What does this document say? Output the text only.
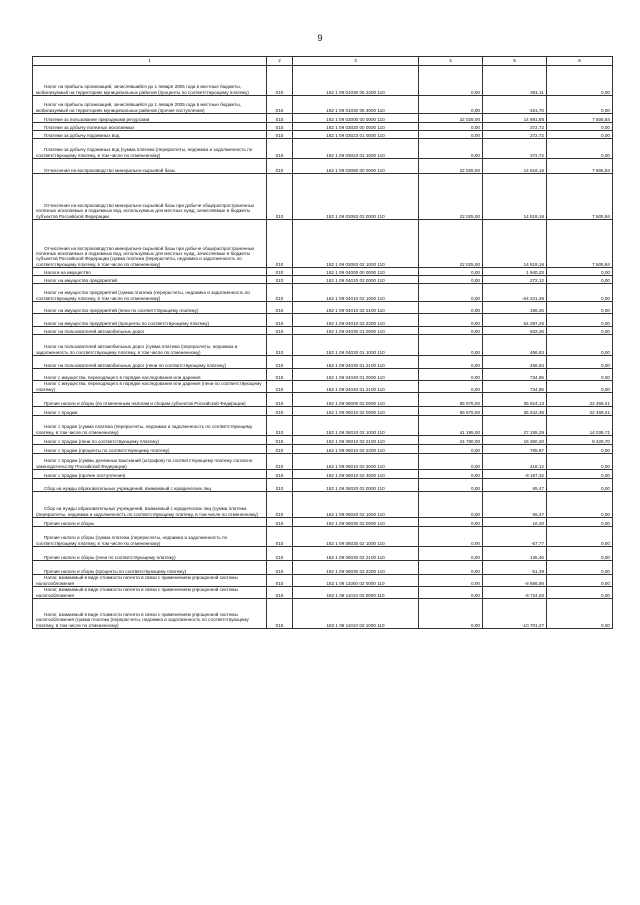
9
1	2	3	4	5	6

Налог на прибыль организаций, зачислявшийся до 1 января 2005 года в местные бюджеты, мобилизуемый на территориях муниципальных районов (проценты по соответствующему платежу)	010	182 1 09 01030 05 2200 110	0,00	361,11	0,00

Налог на прибыль организаций, зачислявшийся до 1 января 2005 года в местные бюджеты, мобилизуемый на территориях муниципальных районов (прочие поступления)	010	182 1 09 01030 05 4000 110	0,00	-161,70	0,00

Платежи за пользование природными ресурсами	010	182 1 09 03000 00 0000 110	22 025,00	14 891,88	7 505,84

Платежи за добычу полезных ископаемых	010	182 1 09 03020 00 0000 110	0,00	372,72	0,00

Платежи за добычу подземных вод	010	182 1 09 03023 01 0000 110	0,00	372,72	0,00

Платежи за добычу подземных вод (сумма платежа (перерасчеты, недоимка и задолженность по соответствующему платежу, в том числе по отмененному)	010	182 1 09 03023 01 1000 110	0,00	372,72	0,00

Отчисления на воспроизводство минерально-сырьевой базы	010	182 1 09 03080 00 0000 110	22 025,00	14 519,16	7 505,84

Отчисления на воспроизводство минерально-сырьевой базы при добыче общераспространенных полезных ископаемых и подземных вод, используемых для местных нужд, зачисляемые в бюджеты субъектов Российской Федерации	010	182 1 09 03083 02 0000 110	22 025,00	14 519,16	7 505,84

Отчисления на воспроизводство минерально-сырьевой базы при добыче общераспространенных полезных ископаемых и подземных вод, используемых для местных нужд, зачисляемые в бюджеты субъектов Российской Федерации (сумма платежа (перерасчеты, недоимка и задолженность по соответствующему платежу, в том числе по отмененному)	010	182 1 09 03083 02 1000 110	22 025,00	14 519,16	7 505,84

Налоги на имущество	010	182 1 09 04000 00 0000 110	0,00	1 940,33	0,00

Налог на имущество предприятий	010	182 1 09 04010 02 0000 110	0,00	272,12	0,00

Налог на имущество предприятий (сумма платежа (перерасчеты, недоимка и задолженность по соответствующему платежу, в том числе по отмененному)	010	182 1 09 04010 02 1000 110	0,00	-64 221,39	0,00

Налог на имущество предприятий (пени по соответствующему платежу)	010	182 1 09 04010 02 2100 110	0,00	196,26	0,00

Налог на имущество предприятий (проценты по соответствующему платежу)	010	182 1 09 04010 02 2200 110	0,00	64 297,25	0,00

Налог на пользователей автомобильных дорог	010	182 1 09 04030 01 0000 110	0,00	933,26	0,00

Налог на пользователей автомобильных дорог (сумма платежа (перерасчеты, недоимка и задолженность по соответствующему платежу, в том числе по отмененному)	010	182 1 09 04030 01 1000 110	0,00	466,63	0,00

Налог на пользователей автомобильных дорог (пени по соответствующему платежу)	010	182 1 09 04030 01 2100 110	0,00	466,63	0,00

Налог с имущества, переходящего в порядке наследования или дарения	010	182 1 09 04040 01 0000 110	0,00	734,95	0,00

Налог с имущества, переходящего в порядке наследования или дарения (пени по соответствующему платежу)	010	182 1 09 04040 01 2100 110	0,00	734,95	0,00

Прочие налоги и сборы (по отмененным налогам и сборам субъектов Российской Федерации)	010	182 1 09 06000 02 0000 110	65 975,00	35 624,13	22 469,41

Налог с продаж	010	182 1 09 06010 02 0000 110	65 975,00	35 542,36	22 469,41

Налог с продаж (сумма платежа (перерасчеты, недоимка и задолженность по соответствующему платежу, в том числе по отмененному)	010	182 1 09 06010 02 1000 110	41 195,00	27 155,29	14 039,71

Налог с продаж (пени по соответствующему платежу)	010	182 1 09 06010 02 2100 110	24 780,00	16 350,30	8 429,70

Налог с продаж (проценты по соответствующему платежу)	010	182 1 09 06010 02 2200 110	0,00	785,97	0,00

Налог с продаж (суммы денежных взысканий (штрафов) по соответствующему платежу согласно законодательству Российской Федерации)	010	182 1 09 06010 02 3000 110	0,00	418,12	0,00

Налог с продаж (прочие поступления)	010	182 1 09 06010 02 4000 110	0,00	-9 167,32	0,00

Сбор на нужды образовательных учреждений, взимаемый с юридических лиц	010	182 1 09 06020 02 0000 110	0,00	65,47	0,00

Сбор на нужды образовательных учреждений, взимаемый с юридических лиц (сумма платежа (перерасчеты, недоимка и задолженность по соответствующему платежу, в том числе по отмененному)	010	182 1 09 06020 02 1000 110	0,00	65,47	0,00

Прочие налоги и сборы	010	182 1 09 06030 02 0000 110	0,00	16,30	0,00

Прочие налоги и сборы (сумма платежа (перерасчеты, недоимка и задолженность по соответствующему платежу, в том числе по отмененному)	010	182 1 09 06030 02 1000 110	0,00	-67,77	0,00

Прочие налоги и сборы (пени по соответствующему платежу)	010	182 1 09 06030 02 2100 110	0,00	135,46	0,00

Прочие налоги и сборы (проценты по соответствующему платежу)	010	182 1 09 06030 02 2200 110	0,00	-51,39	0,00

Налог, взимаемый в виде стоимости патента в связи с применением упрощенной системы налогообложения	010	182 1 09 11000 02 0000 110	0,00	-8 666,88	0,00

Налог, взимаемый в виде стоимости патента в связи с применением упрощенной системы налогообложения	010	182 1 09 11010 02 0000 110	0,00	-8 724,03	0,00

Налог, взимаемый в виде стоимости патента в связи с применением упрощенной системы налогообложения (сумма платежа (перерасчеты, недоимка и задолженность по соответствующему платежу, в том числе по отмененному)	010	182 1 09 11010 02 1000 110	0,00	-10 701,27	0,00
